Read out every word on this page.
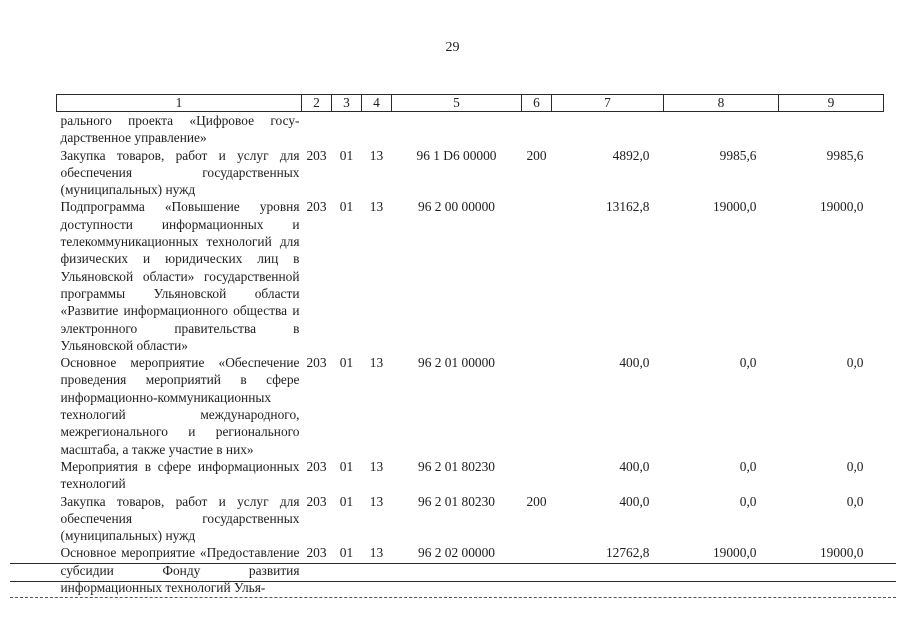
29
1	2	3	4	5	6	7	8	9
рального проекта «Цифровое госу-дарственное управление»								
Закупка товаров, работ и услуг для обеспечения государственных (муниципальных) нужд	203	01	13	96 1 D6 00000	200	4892,0	9985,6	9985,6
Подпрограмма «Повышение уровня доступности информационных и телекоммуникационных технологий для физических и юридических лиц в Ульяновской области» государственной программы Ульяновской области «Развитие информационного общества и электронного правительства в Ульяновской области»	203	01	13	96 2 00 00000		13162,8	19000,0	19000,0
Основное мероприятие «Обеспечение проведения мероприятий в сфере информационно-коммуникационных технологий международного, межрегионального и регионального масштаба, а также участие в них»	203	01	13	96 2 01 00000		400,0	0,0	0,0
Мероприятия в сфере информационных технологий	203	01	13	96 2 01 80230		400,0	0,0	0,0
Закупка товаров, работ и услуг для обеспечения государственных (муниципальных) нужд	203	01	13	96 2 01 80230	200	400,0	0,0	0,0
Основное мероприятие «Предоставление субсидии Фонду развития информационных технологий Улья-	203	01	13	96 2 02 00000		12762,8	19000,0	19000,0
